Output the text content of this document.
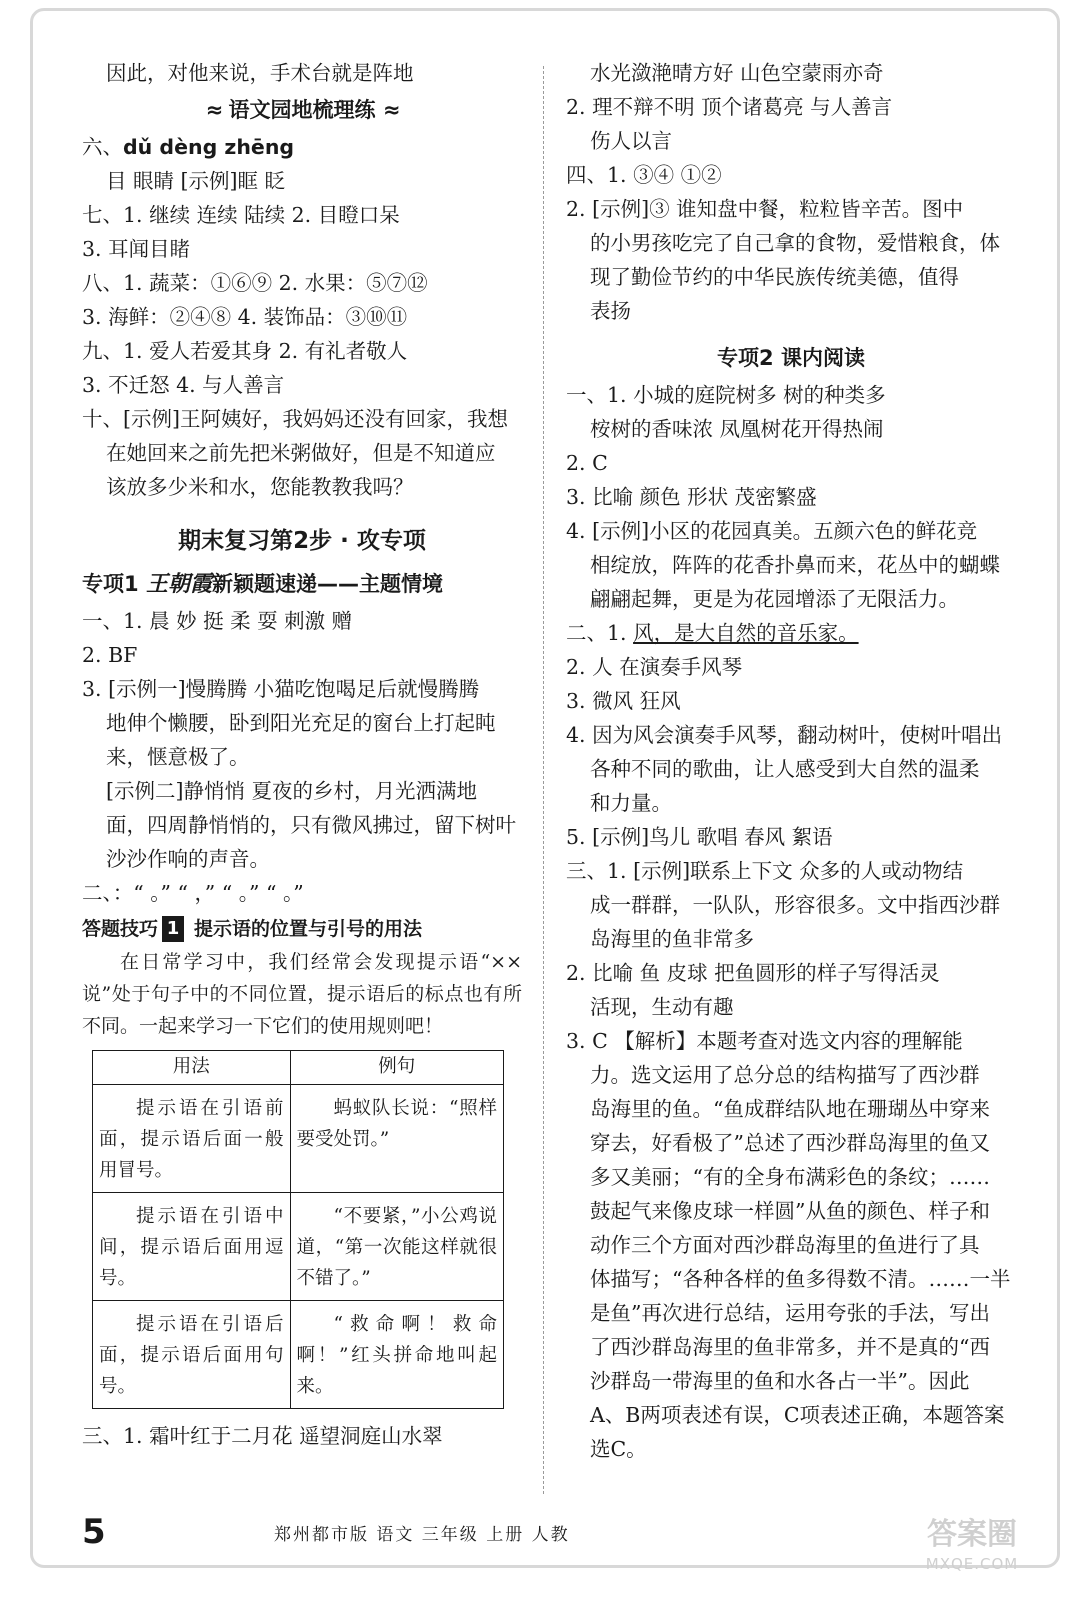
因此，对他来说，手术台就是阵地
≈ 语文园地梳理练 ≈
六、dǔ dèng zhēng
目 眼睛 [示例]眶 眨
七、1. 继续 连续 陆续 2. 目瞪口呆
3. 耳闻目睹
八、1. 蔬菜：①⑥⑨ 2. 水果：⑤⑦⑫
3. 海鲜：②④⑧ 4. 装饰品：③⑩⑪
九、1. 爱人若爱其身 2. 有礼者敬人
3. 不迁怒 4. 与人善言
十、[示例]王阿姨好，我妈妈还没有回家，我想
在她回来之前先把米粥做好，但是不知道应
该放多少米和水，您能教教我吗？
期末复习第2步 · 攻专项
专项1 王朝霞新颖题速递——主题情境
一、1. 晨 妙 挺 柔 耍 刺激 赠
2. BF
3. [示例一]慢腾腾 小猫吃饱喝足后就慢腾腾
地伸个懒腰，卧到阳光充足的窗台上打起盹
来，惬意极了。
[示例二]静悄悄 夏夜的乡村，月光洒满地
面，四周静悄悄的，只有微风拂过，留下树叶
沙沙作响的声音。
二、：“ 。” “ ，” “ 。” “ 。”
答题技巧 1 提示语的位置与引号的用法
在日常学习中，我们经常会发现提示语“××说”处于句子中的不同位置，提示语后的标点也有所不同。一起来学习一下它们的使用规则吧！
用法	例句
提示语在引语前面，提示语后面一般用冒号。	蚂蚁队长说：“照样要受处罚。”
提示语在引语中间，提示语后面用逗号。	“不要紧，”小公鸡说道，“第一次能这样就很不错了。”
提示语在引语后面，提示语后面用句号。	“救命啊！救命啊！”红头拼命地叫起来。
三、1. 霜叶红于二月花 遥望洞庭山水翠
水光潋滟晴方好 山色空蒙雨亦奇
2. 理不辩不明 顶个诸葛亮 与人善言
伤人以言
四、1. ③④ ①②
2. [示例]③ 谁知盘中餐，粒粒皆辛苦。图中
的小男孩吃完了自己拿的食物，爱惜粮食，体
现了勤俭节约的中华民族传统美德，值得
表扬
专项2 课内阅读
一、1. 小城的庭院树多 树的种类多
桉树的香味浓 凤凰树花开得热闹
2. C
3. 比喻 颜色 形状 茂密繁盛
4. [示例]小区的花园真美。五颜六色的鲜花竞
相绽放，阵阵的花香扑鼻而来，花丛中的蝴蝶
翩翩起舞，更是为花园增添了无限活力。
二、1. 风，是大自然的音乐家。
2. 人 在演奏手风琴
3. 微风 狂风
4. 因为风会演奏手风琴，翻动树叶，使树叶唱出
各种不同的歌曲，让人感受到大自然的温柔
和力量。
5. [示例]鸟儿 歌唱 春风 絮语
三、1. [示例]联系上下文 众多的人或动物结
成一群群，一队队，形容很多。文中指西沙群
岛海里的鱼非常多
2. 比喻 鱼 皮球 把鱼圆形的样子写得活灵
活现，生动有趣
3. C 【解析】本题考查对选文内容的理解能
力。选文运用了总分总的结构描写了西沙群
岛海里的鱼。“鱼成群结队地在珊瑚丛中穿来
穿去，好看极了”总述了西沙群岛海里的鱼又
多又美丽；“有的全身布满彩色的条纹；……
鼓起气来像皮球一样圆”从鱼的颜色、样子和
动作三个方面对西沙群岛海里的鱼进行了具
体描写；“各种各样的鱼多得数不清。……一半
是鱼”再次进行总结，运用夸张的手法，写出
了西沙群岛海里的鱼非常多，并不是真的“西
沙群岛一带海里的鱼和水各占一半”。因此
A、B两项表述有误，C项表述正确，本题答案
选C。
5	郑州都市版 语文 三年级 上册 人教	答案圈
MXQE.COM
